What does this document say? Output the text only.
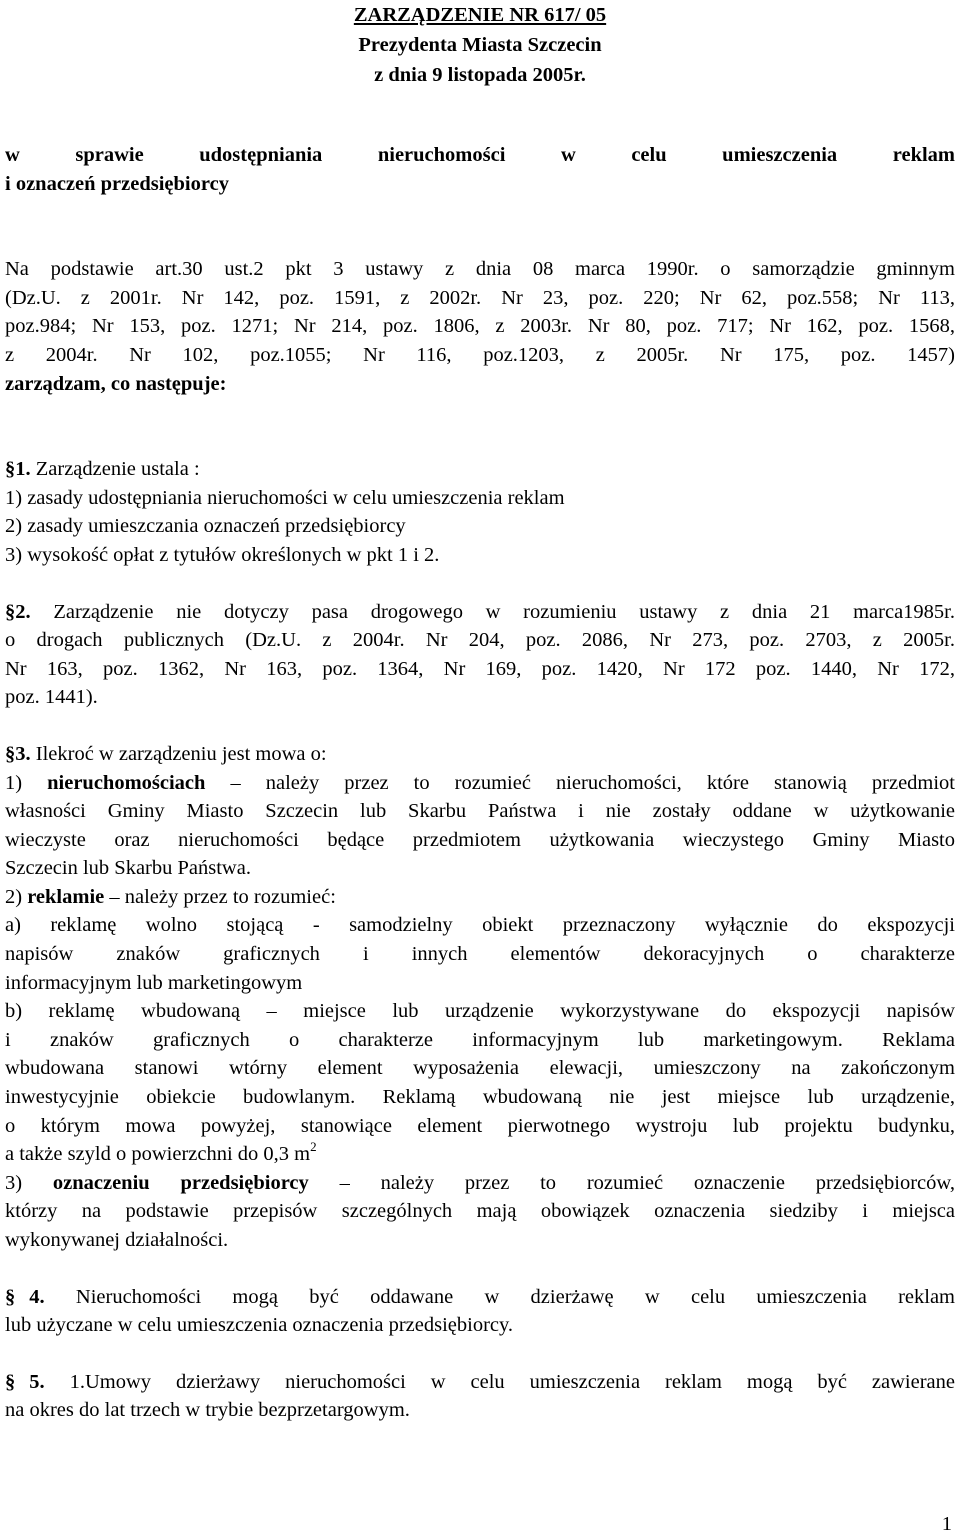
ZARZĄDZENIE NR 617/ 05
Prezydenta Miasta Szczecin
z dnia 9 listopada 2005r.
w    sprawie    udostępniania    nieruchomości    w    celu    umieszczenia    reklam
i oznaczeń przedsiębiorcy
Na podstawie art.30 ust.2 pkt 3 ustawy z dnia 08 marca 1990r. o samorządzie gminnym
(Dz.U. z 2001r. Nr 142, poz. 1591, z 2002r. Nr 23, poz. 220; Nr 62, poz.558; Nr 113,
poz.984; Nr 153, poz. 1271; Nr 214, poz. 1806, z 2003r. Nr 80, poz. 717; Nr 162, poz. 1568,
z 2004r. Nr 102, poz.1055; Nr 116, poz.1203, z 2005r. Nr 175, poz. 1457)
zarządzam, co następuje:
§1. Zarządzenie ustala :
1) zasady udostępniania nieruchomości w celu umieszczenia reklam
2) zasady umieszczania oznaczeń przedsiębiorcy
3) wysokość opłat z tytułów określonych w pkt 1 i 2.
§2. Zarządzenie nie dotyczy pasa drogowego w rozumieniu ustawy z dnia 21 marca1985r.
o drogach publicznych (Dz.U. z 2004r. Nr 204, poz. 2086, Nr 273, poz. 2703, z 2005r.
Nr 163, poz. 1362, Nr 163, poz. 1364, Nr 169, poz. 1420, Nr 172 poz. 1440, Nr 172,
poz. 1441).
§3. Ilekroć w zarządzeniu jest mowa o:
1) nieruchomościach – należy przez to rozumieć nieruchomości, które stanowią przedmiot
własności Gminy Miasto Szczecin lub Skarbu Państwa i nie zostały oddane w użytkowanie
wieczyste oraz nieruchomości będące przedmiotem użytkowania wieczystego Gminy Miasto
Szczecin lub Skarbu Państwa.
2) reklamie – należy przez to rozumieć:
a) reklamę wolno stojącą - samodzielny obiekt przeznaczony wyłącznie do ekspozycji
napisów znaków graficznych i innych elementów dekoracyjnych o charakterze
informacyjnym lub marketingowym
b) reklamę wbudowaną – miejsce lub urządzenie wykorzystywane do ekspozycji napisów
i znaków graficznych o charakterze informacyjnym lub marketingowym. Reklama
wbudowana stanowi wtórny element wyposażenia elewacji, umieszczony na zakończonym
inwestycyjnie obiekcie budowlanym. Reklamą wbudowaną nie jest miejsce lub urządzenie,
o którym mowa powyżej, stanowiące element pierwotnego wystroju lub projektu budynku,
a także szyld o powierzchni do 0,3 $m^2$
3) oznaczeniu przedsiębiorcy – należy przez to rozumieć oznaczenie przedsiębiorców,
którzy na podstawie przepisów szczególnych mają obowiązek oznaczenia siedziby i miejsca
wykonywanej działalności.
§ 4. Nieruchomości mogą być oddawane w dzierżawę w celu umieszczenia reklam
lub użyczane w celu umieszczenia oznaczenia przedsiębiorcy.
§ 5. 1.Umowy dzierżawy nieruchomości w celu umieszczenia reklam mogą być zawierane
na okres do lat trzech w trybie bezprzetargowym.
1
